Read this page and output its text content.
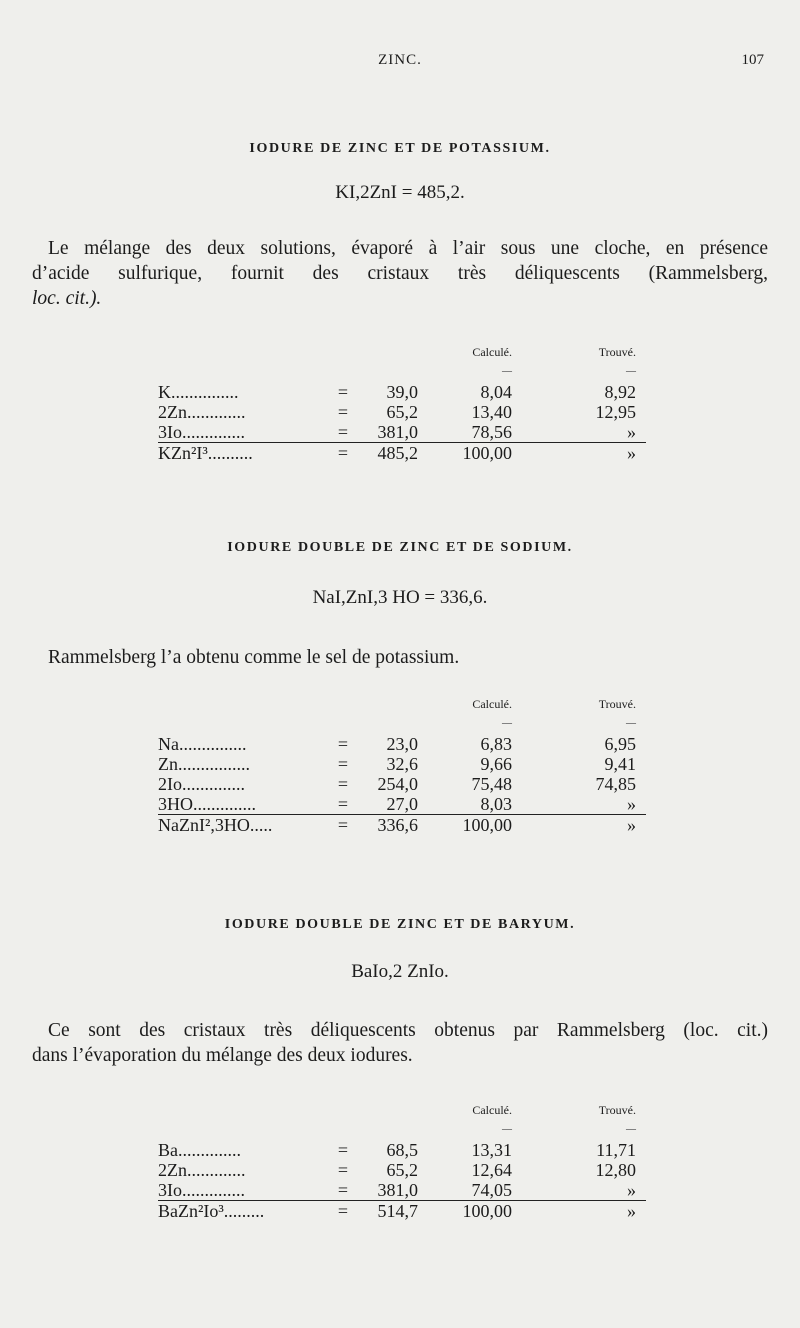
ZINC.	107
IODURE DE ZINC ET DE POTASSIUM.
KI,2ZnI = 485,2.
Le mélange des deux solutions, évaporé à l’air sous une cloche, en présence
d’acide sulfurique, fournit des cristaux très déliquescents (Rammelsberg,
loc. cit.).
			Calculé.	Trouvé.
			—	—
K...............	=	39,0	8,04	8,92
2Zn.............	=	65,2	13,40	12,95
3Io..............	=	381,0	78,56	»
KZn²I³..........	=	485,2	100,00	»
IODURE DOUBLE DE ZINC ET DE SODIUM.
NaI,ZnI,3 HO = 336,6.
Rammelsberg l’a obtenu comme le sel de potassium.
			Calculé.	Trouvé.
			—	—
Na...............	=	23,0	6,83	6,95
Zn................	=	32,6	9,66	9,41
2Io..............	=	254,0	75,48	74,85
3HO..............	=	27,0	8,03	»
NaZnI²,3HO.....	=	336,6	100,00	»
IODURE DOUBLE DE ZINC ET DE BARYUM.
BaIo,2 ZnIo.
Ce sont des cristaux très déliquescents obtenus par Rammelsberg (loc. cit.)
dans l’évaporation du mélange des deux iodures.
			Calculé.	Trouvé.
			—	—
Ba..............	=	68,5	13,31	11,71
2Zn.............	=	65,2	12,64	12,80
3Io..............	=	381,0	74,05	»
BaZn²Io³.........	=	514,7	100,00	»
